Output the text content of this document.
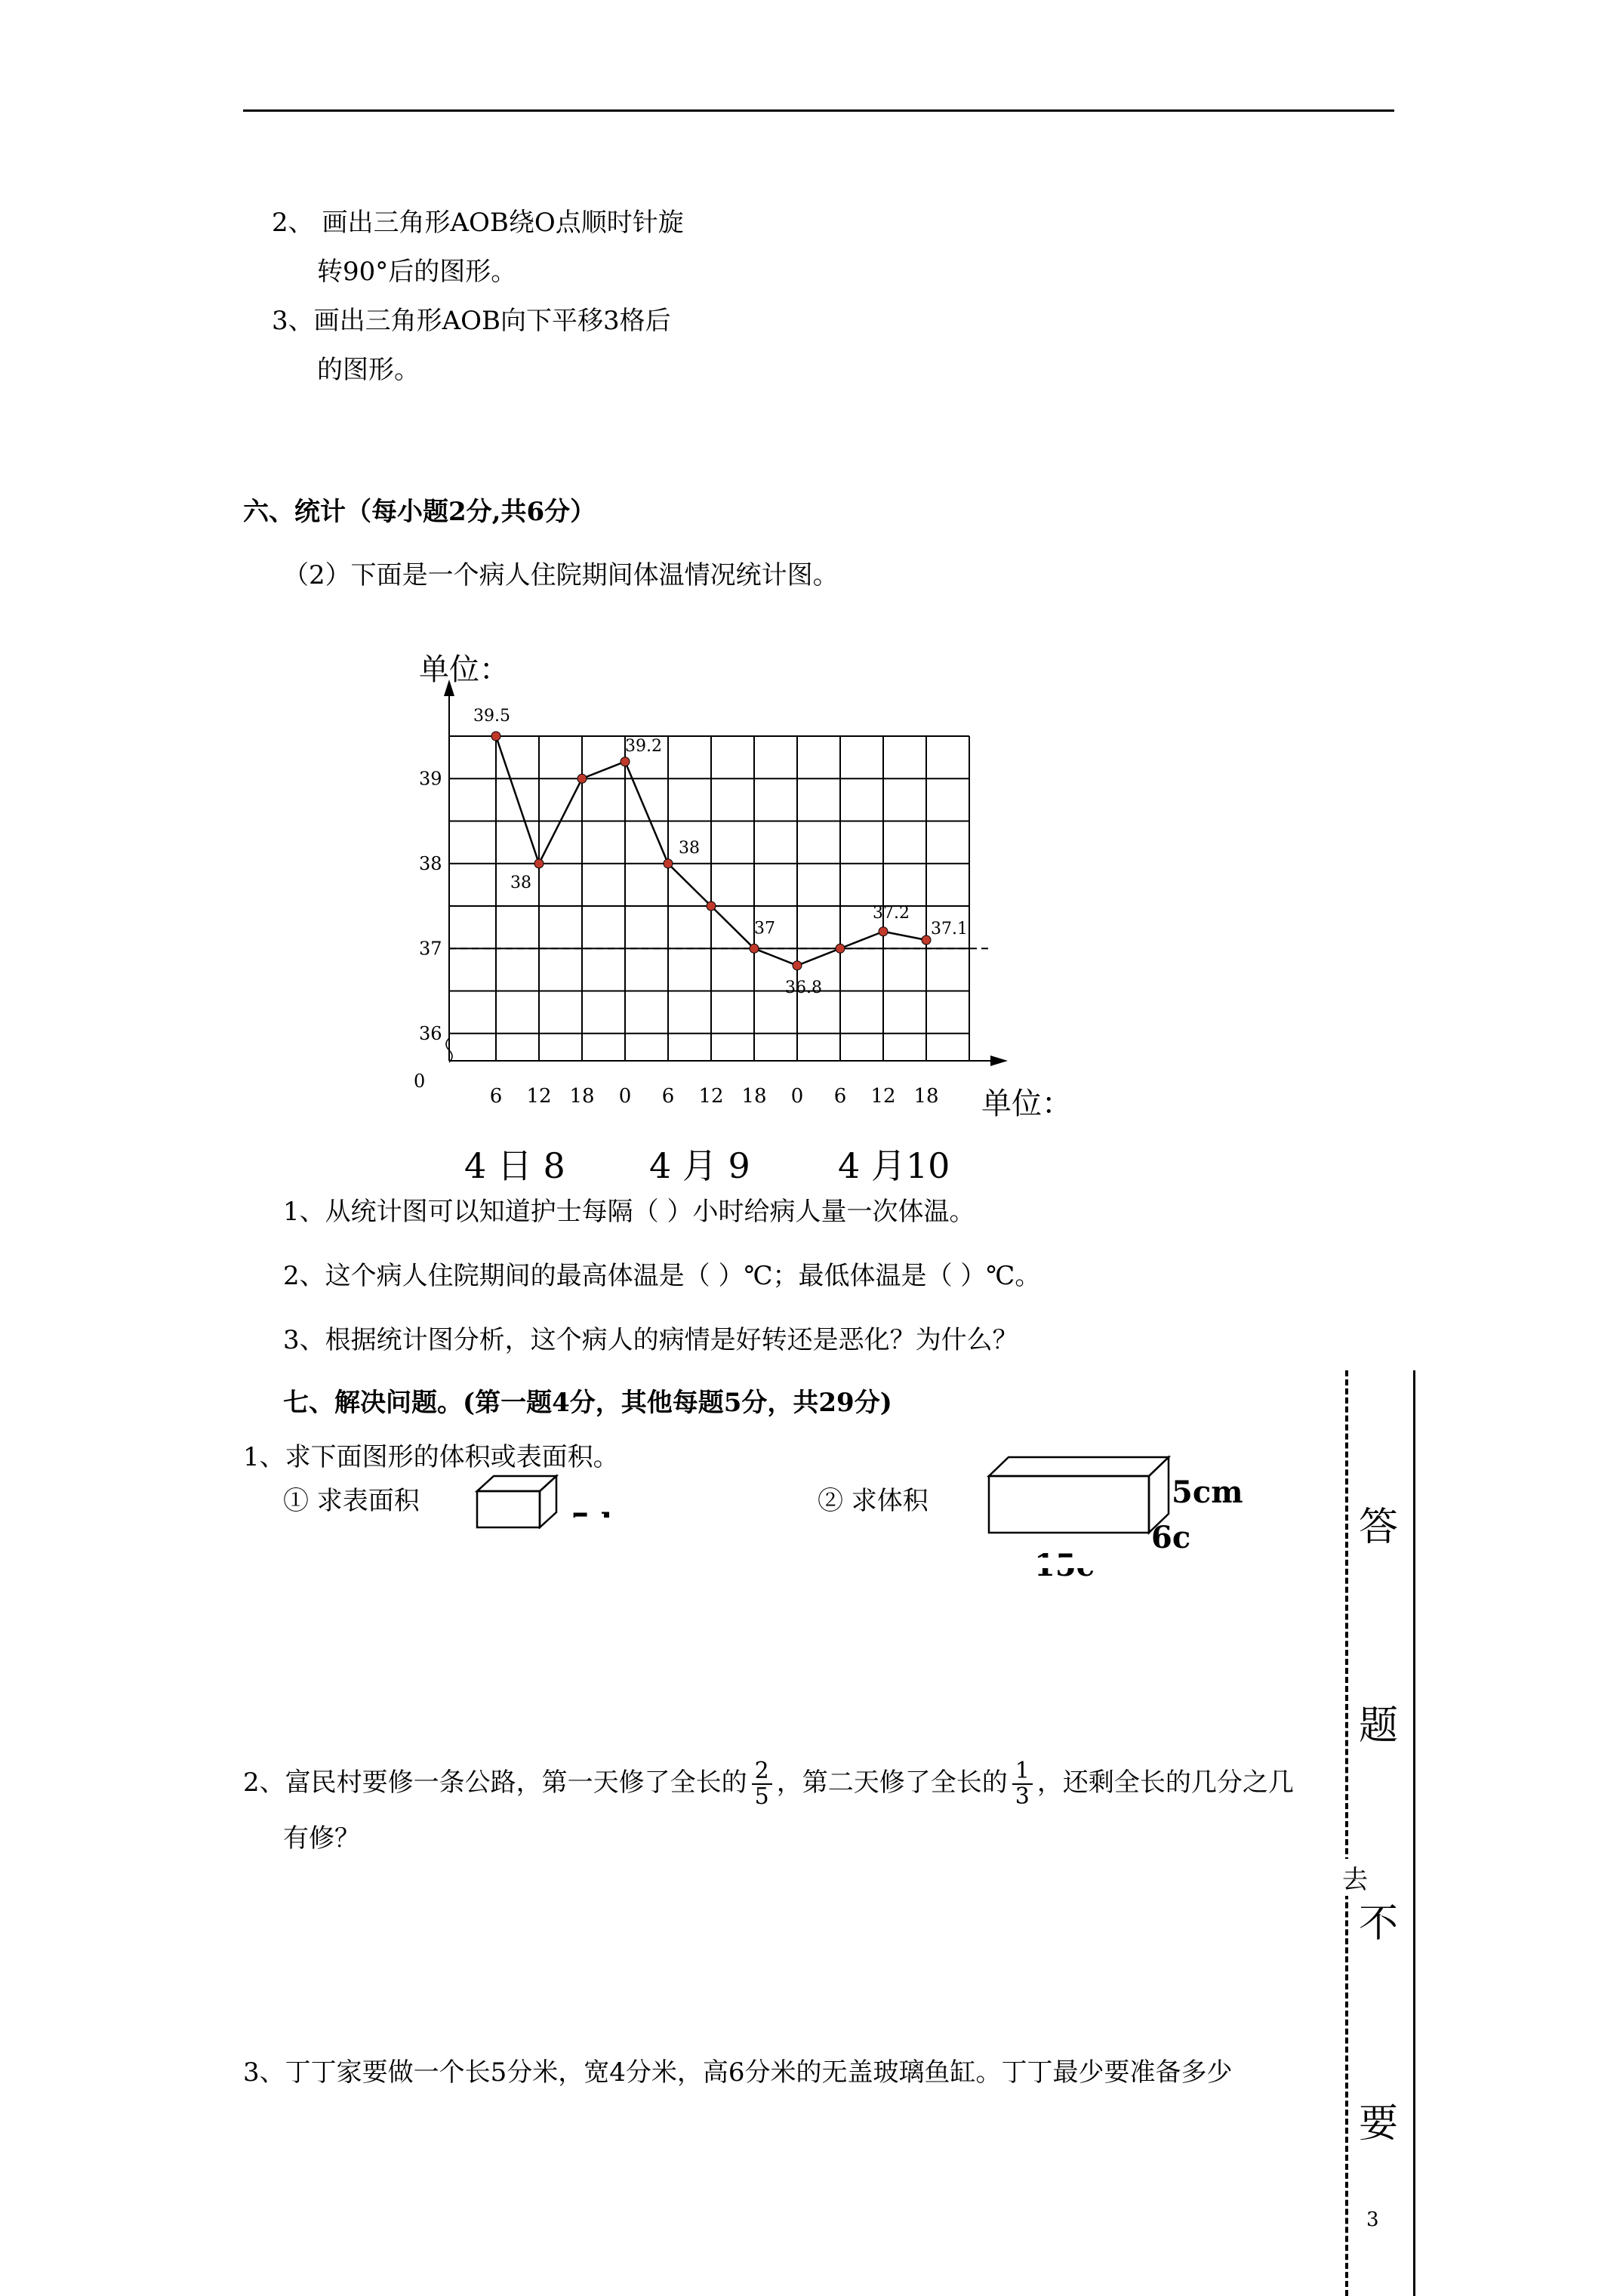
2、 画出三角形AOB绕O点顺时针旋
转90°后的图形。
3、画出三角形AOB向下平移3格后
的图形。
六、统计（每小题2分,共6分）
（2）下面是一个病人住院期间体温情况统计图。
单位：
单位：
0
36
37
38
39
6 12 18 0 6 12 18 0 6 12 18
39.5
38
39.2
38
37
36.8
37.2
37.1
4 日 8 4 月 9	4 月10
1、从统计图可以知道护士每隔（ ）小时给病人量一次体温。
2、这个病人住院期间的最高体温是（ ）℃；最低体温是（ ）℃。
3、根据统计图分析，这个病人的病情是好转还是恶化？为什么？
七、解决问题。(第一题4分，其他每题5分，共29分)
1、求下面图形的体积或表面积。
① 求表面积	② 求体积	5cm
6c
2、富民村要修一条公路，第一天修了全长的 $\frac{2}{5}$ ，第二天修了全长的 $\frac{1}{3}$ ，还剩全长的几分之几
有修？
3、丁丁家要做一个长5分米，宽4分米，高6分米的无盖玻璃鱼缸。丁丁最少要准备多少
答
题
去
不
要
3
